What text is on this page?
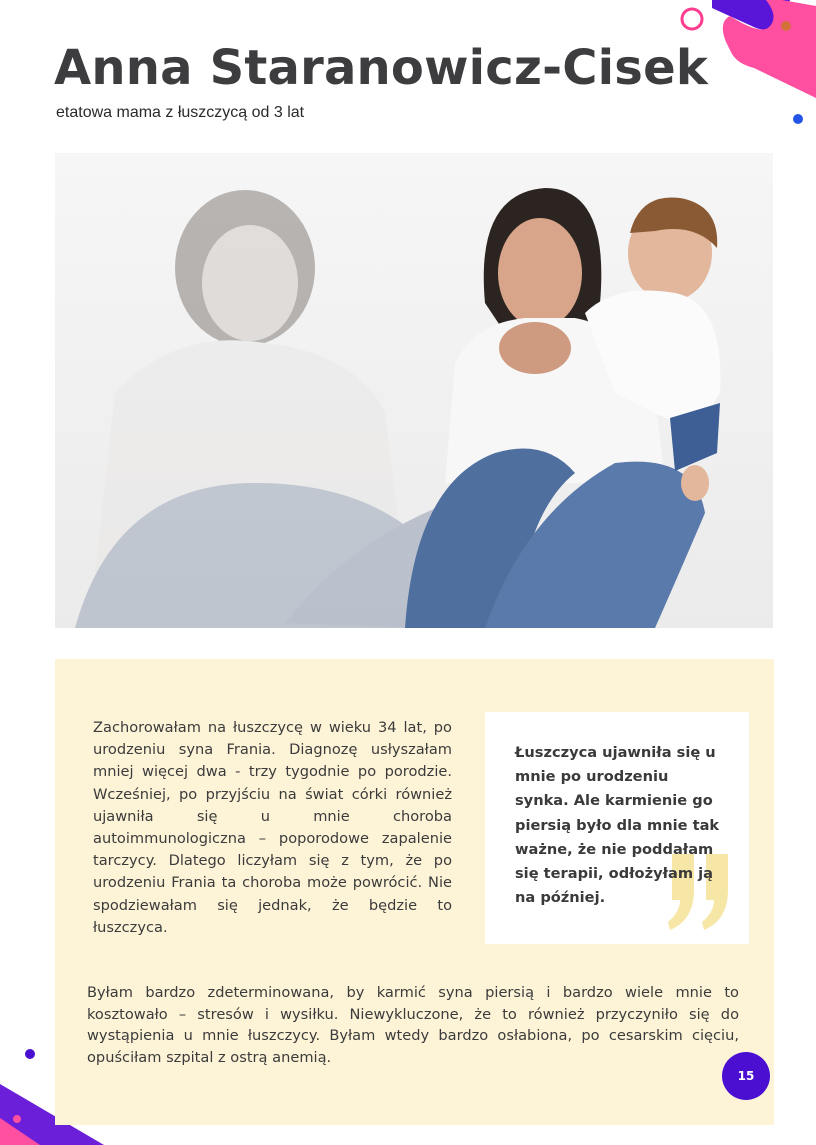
Anna Staranowicz-Cisek
etatowa mama z łuszczycą od 3 lat
Zachorowałam na łuszczycę w wieku 34 lat, po urodzeniu syna Frania. Diagnozę usłyszałam mniej więcej dwa - trzy tygodnie po porodzie. Wcześniej, po przyjściu na świat córki również ujawniła się u mnie choroba autoimmunologiczna – poporodowe zapalenie tarczycy. Dlatego liczyłam się z tym, że po urodzeniu Frania ta choroba może powrócić. Nie spodziewałam się jednak, że będzie to łuszczyca.
Łuszczyca ujawniła się u mnie po urodzeniu synka. Ale karmienie go piersią było dla mnie tak ważne, że nie poddałam się terapii, odłożyłam ją na później.
Byłam bardzo zdeterminowana, by karmić syna piersią i bardzo wiele mnie to kosztowało – stresów i wysiłku. Niewykluczone, że to również przyczyniło się do wystąpienia u mnie łuszczycy. Byłam wtedy bardzo osłabiona, po cesarskim cięciu, opuściłam szpital z ostrą anemią.
15
